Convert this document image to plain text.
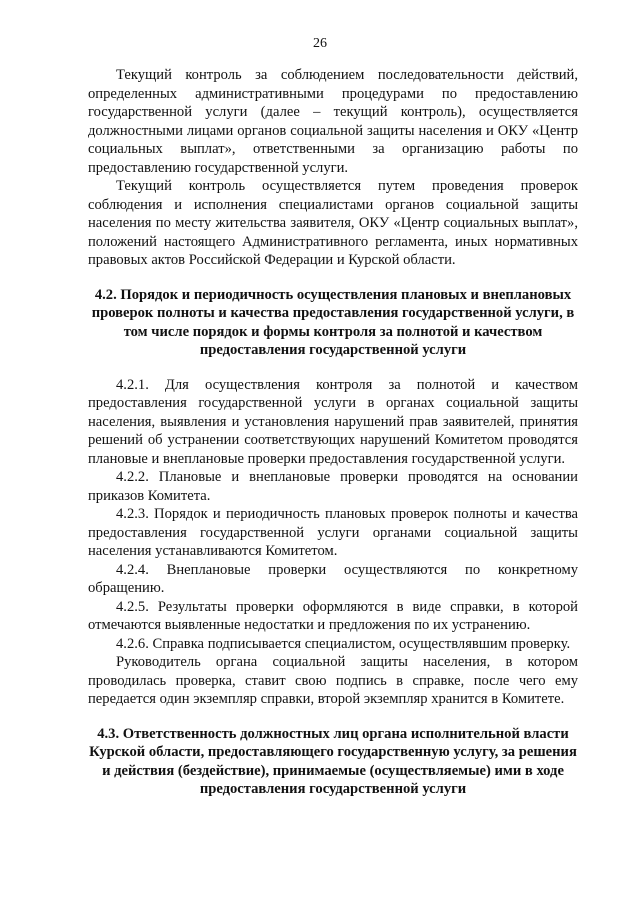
26

Текущий контроль за соблюдением последовательности действий, определенных административными процедурами по предоставлению государственной услуги (далее – текущий контроль), осуществляется должностными лицами органов социальной защиты населения и ОКУ «Центр социальных выплат», ответственными за организацию работы по предоставлению государственной услуги.

Текущий контроль осуществляется путем проведения проверок соблюдения и исполнения специалистами органов социальной защиты населения по месту жительства заявителя, ОКУ «Центр социальных выплат», положений настоящего Административного регламента, иных нормативных правовых актов Российской Федерации и Курской области.

4.2. Порядок и периодичность осуществления плановых и внеплановых проверок полноты и качества предоставления государственной услуги, в том числе порядок и формы контроля за полнотой и качеством предоставления государственной услуги

4.2.1. Для осуществления контроля за полнотой и качеством предоставления государственной услуги в органах социальной защиты населения, выявления и установления нарушений прав заявителей, принятия решений об устранении соответствующих нарушений Комитетом проводятся плановые и внеплановые проверки предоставления государственной услуги.

4.2.2. Плановые и внеплановые проверки проводятся на основании приказов Комитета.

4.2.3. Порядок и периодичность плановых проверок полноты и качества предоставления государственной услуги органами социальной защиты населения устанавливаются Комитетом.

4.2.4. Внеплановые проверки осуществляются по конкретному обращению.

4.2.5. Результаты проверки оформляются в виде справки, в которой отмечаются выявленные недостатки и предложения по их устранению.

4.2.6. Справка подписывается специалистом, осуществлявшим проверку.

Руководитель органа социальной защиты населения, в котором проводилась проверка, ставит свою подпись в справке, после чего ему передается один экземпляр справки, второй экземпляр хранится в Комитете.

4.3. Ответственность должностных лиц органа исполнительной власти Курской области, предоставляющего государственную услугу, за решения и действия (бездействие), принимаемые (осуществляемые) ими в ходе предоставления государственной услуги
